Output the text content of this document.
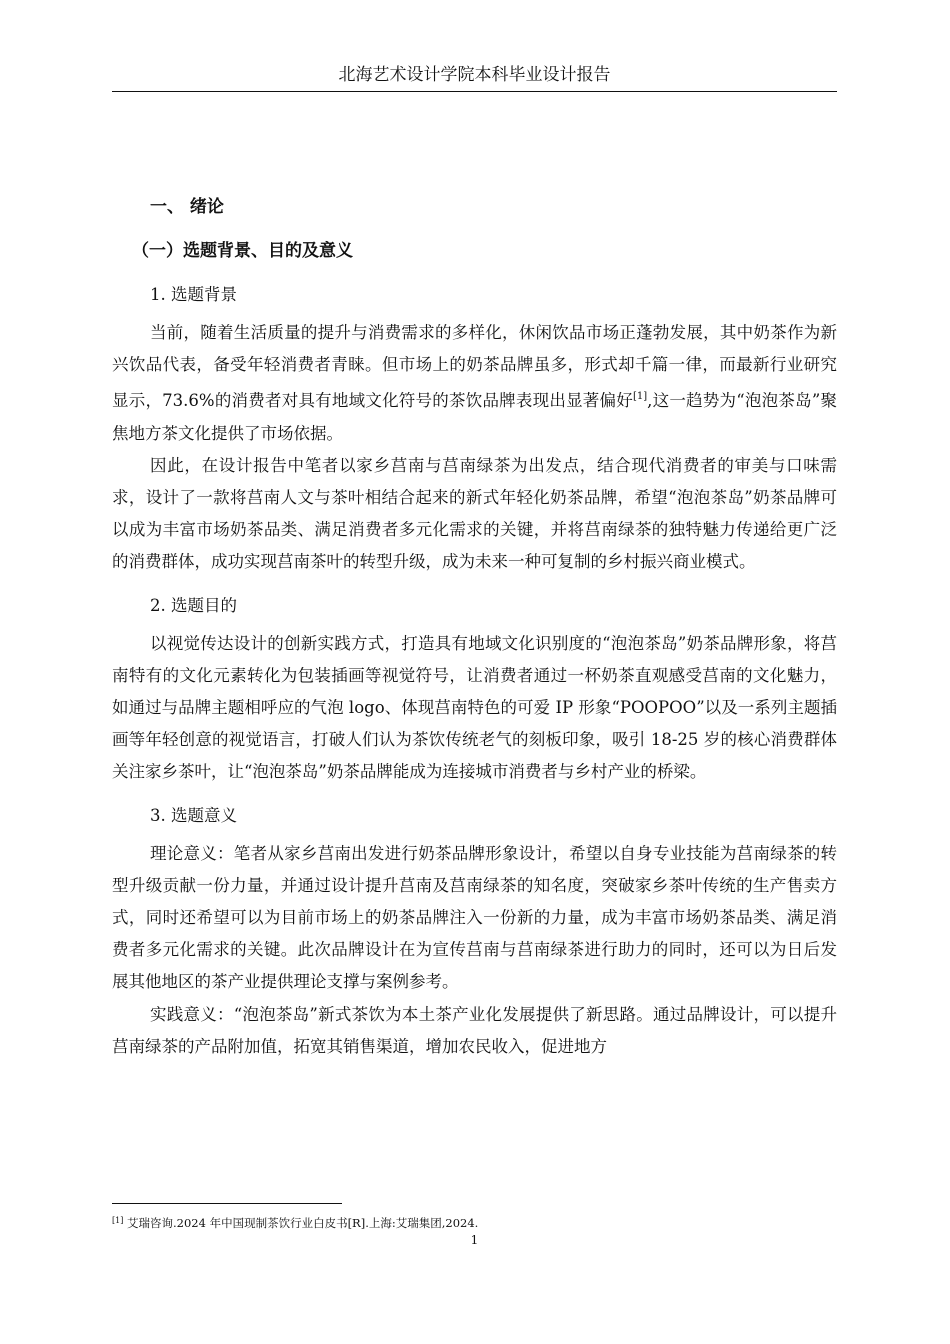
北海艺术设计学院本科毕业设计报告
一、 绪论
（一）选题背景、目的及意义
1. 选题背景

当前，随着生活质量的提升与消费需求的多样化，休闲饮品市场正蓬勃发展，其中奶茶作为新兴饮品代表，备受年轻消费者青睐。但市场上的奶茶品牌虽多，形式却千篇一律，而最新行业研究显示，73.6%的消费者对具有地域文化符号的茶饮品牌表现出显著偏好[1],这一趋势为“泡泡茶岛”聚焦地方茶文化提供了市场依据。

因此，在设计报告中笔者以家乡莒南与莒南绿茶为出发点，结合现代消费者的审美与口味需求，设计了一款将莒南人文与茶叶相结合起来的新式年轻化奶茶品牌，希望“泡泡茶岛”奶茶品牌可以成为丰富市场奶茶品类、满足消费者多元化需求的关键，并将莒南绿茶的独特魅力传递给更广泛的消费群体，成功实现莒南茶叶的转型升级，成为未来一种可复制的乡村振兴商业模式。

2. 选题目的

以视觉传达设计的创新实践方式，打造具有地域文化识别度的“泡泡茶岛”奶茶品牌形象，将莒南特有的文化元素转化为包装插画等视觉符号，让消费者通过一杯奶茶直观感受莒南的文化魅力，如通过与品牌主题相呼应的气泡 logo、体现莒南特色的可爱 IP 形象“POOPOO”以及一系列主题插画等年轻创意的视觉语言，打破人们认为茶饮传统老气的刻板印象，吸引 18-25 岁的核心消费群体关注家乡茶叶，让“泡泡茶岛”奶茶品牌能成为连接城市消费者与乡村产业的桥梁。

3. 选题意义

理论意义：笔者从家乡莒南出发进行奶茶品牌形象设计，希望以自身专业技能为莒南绿茶的转型升级贡献一份力量，并通过设计提升莒南及莒南绿茶的知名度，突破家乡茶叶传统的生产售卖方式，同时还希望可以为目前市场上的奶茶品牌注入一份新的力量，成为丰富市场奶茶品类、满足消费者多元化需求的关键。此次品牌设计在为宣传莒南与莒南绿茶进行助力的同时，还可以为日后发展其他地区的茶产业提供理论支撑与案例参考。

实践意义：“泡泡茶岛”新式茶饮为本土茶产业化发展提供了新思路。通过品牌设计，可以提升莒南绿茶的产品附加值，拓宽其销售渠道，增加农民收入，促进地方

[1] 艾瑞咨询.2024 年中国现制茶饮行业白皮书[R].上海:艾瑞集团,2024.
1
